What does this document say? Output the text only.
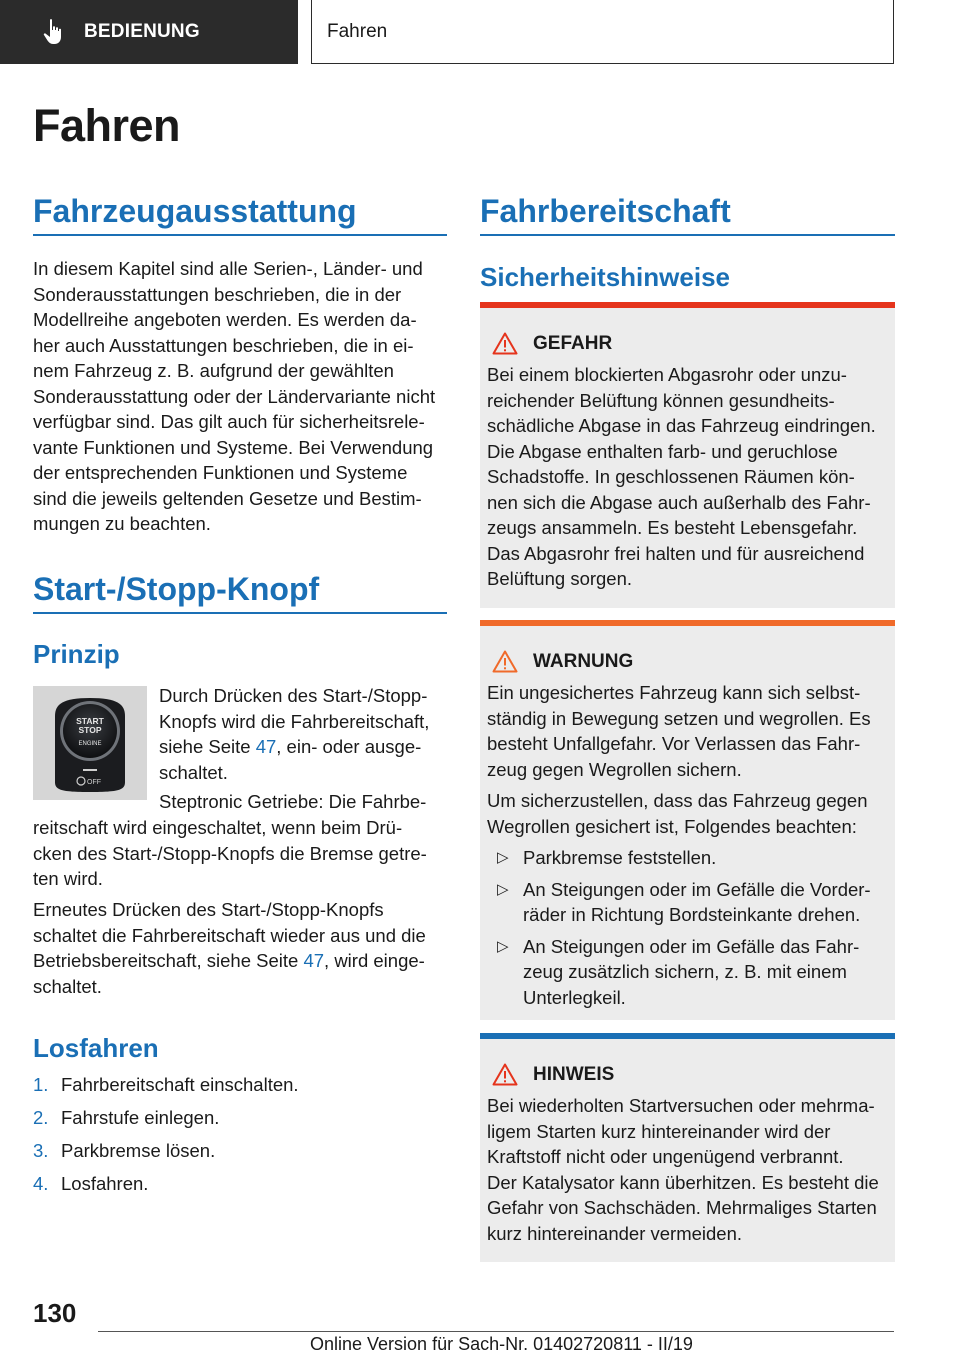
BEDIENUNG	Fahren
Fahren
Fahrzeugausstattung
In diesem Kapitel sind alle Serien-, Länder- und
Sonderausstattungen beschrieben, die in der
Modellreihe angeboten werden. Es werden da‐
her auch Ausstattungen beschrieben, die in ei‐
nem Fahrzeug z. B. aufgrund der gewählten
Sonderausstattung oder der Ländervariante nicht
verfügbar sind. Das gilt auch für sicherheitsrele‐
vante Funktionen und Systeme. Bei Verwendung
der entsprechenden Funktionen und Systeme
sind die jeweils geltenden Gesetze und Bestim‐
mungen zu beachten.
Start-/Stopp-Knopf
Prinzip
START
STOP
ENGINE
OFF
Durch Drücken des Start-/Stopp-
Knopfs wird die Fahrbereitschaft,
siehe Seite 47, ein- oder ausge‐
schaltet.
Steptronic Getriebe: Die Fahrbe‐
reitschaft wird eingeschaltet, wenn beim Drü‐
cken des Start-/Stopp-Knopfs die Bremse getre‐
ten wird.
Erneutes Drücken des Start-/Stopp-Knopfs
schaltet die Fahrbereitschaft wieder aus und die
Betriebsbereitschaft, siehe Seite 47, wird einge‐
schaltet.
Losfahren
1. Fahrbereitschaft einschalten.
2. Fahrstufe einlegen.
3. Parkbremse lösen.
4. Losfahren.
Fahrbereitschaft
Sicherheitshinweise
GEFAHR

Bei einem blockierten Abgasrohr oder unzu‐
reichender Belüftung können gesundheits‐
schädliche Abgase in das Fahrzeug eindringen.
Die Abgase enthalten farb- und geruchlose
Schadstoffe. In geschlossenen Räumen kön‐
nen sich die Abgase auch außerhalb des Fahr‐
zeugs ansammeln. Es besteht Lebensgefahr.
Das Abgasrohr frei halten und für ausreichend
Belüftung sorgen.

WARNUNG

Ein ungesichertes Fahrzeug kann sich selbst‐
ständig in Bewegung setzen und wegrollen. Es
besteht Unfallgefahr. Vor Verlassen das Fahr‐
zeug gegen Wegrollen sichern.

Um sicherzustellen, dass das Fahrzeug gegen
Wegrollen gesichert ist, Folgendes beachten:

▷ Parkbremse feststellen.
▷ An Steigungen oder im Gefälle die Vorder‐
räder in Richtung Bordsteinkante drehen.
▷ An Steigungen oder im Gefälle das Fahr‐
zeug zusätzlich sichern, z. B. mit einem
Unterlegkeil.
HINWEIS

Bei wiederholten Startversuchen oder mehrma‐
ligem Starten kurz hintereinander wird der
Kraftstoff nicht oder ungenügend verbrannt.
Der Katalysator kann überhitzen. Es besteht die
Gefahr von Sachschäden. Mehrmaliges Starten
kurz hintereinander vermeiden.

130
Online Version für Sach-Nr. 01402720811 - II/19
